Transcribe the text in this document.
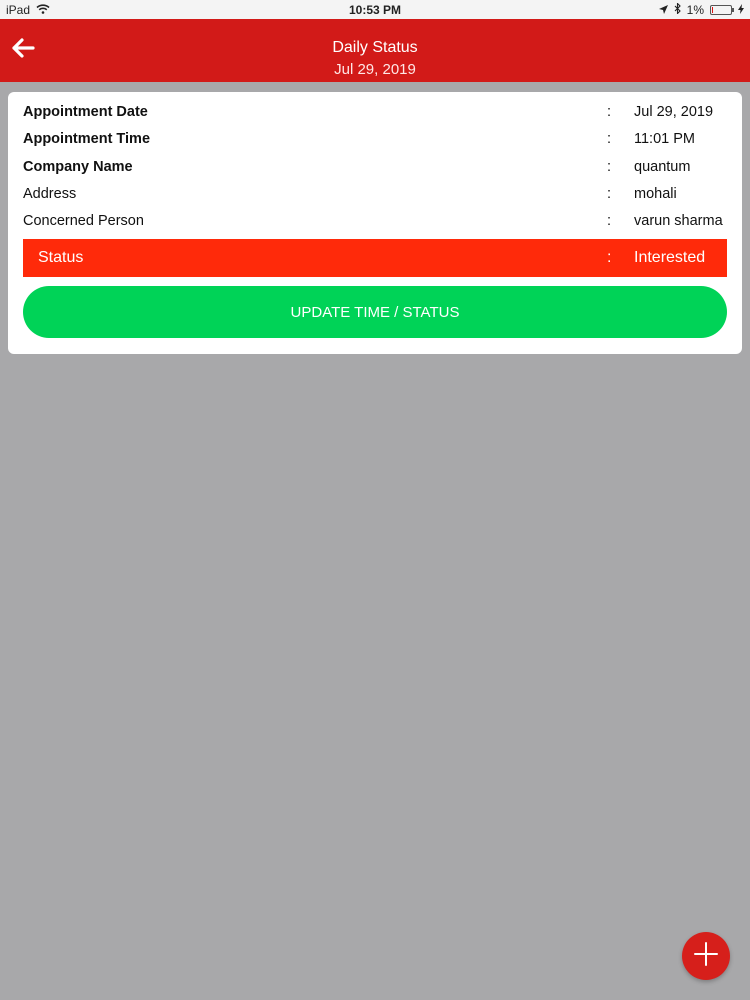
iPad	10:53 PM	1%
Daily Status
Jul 29, 2019
Appointment Date	: Jul 29, 2019
Appointment Time	: 11:01 PM
Company Name	: quantum
Address	: mohali
Concerned Person	: varun sharma
Status	: Interested
UPDATE TIME / STATUS
